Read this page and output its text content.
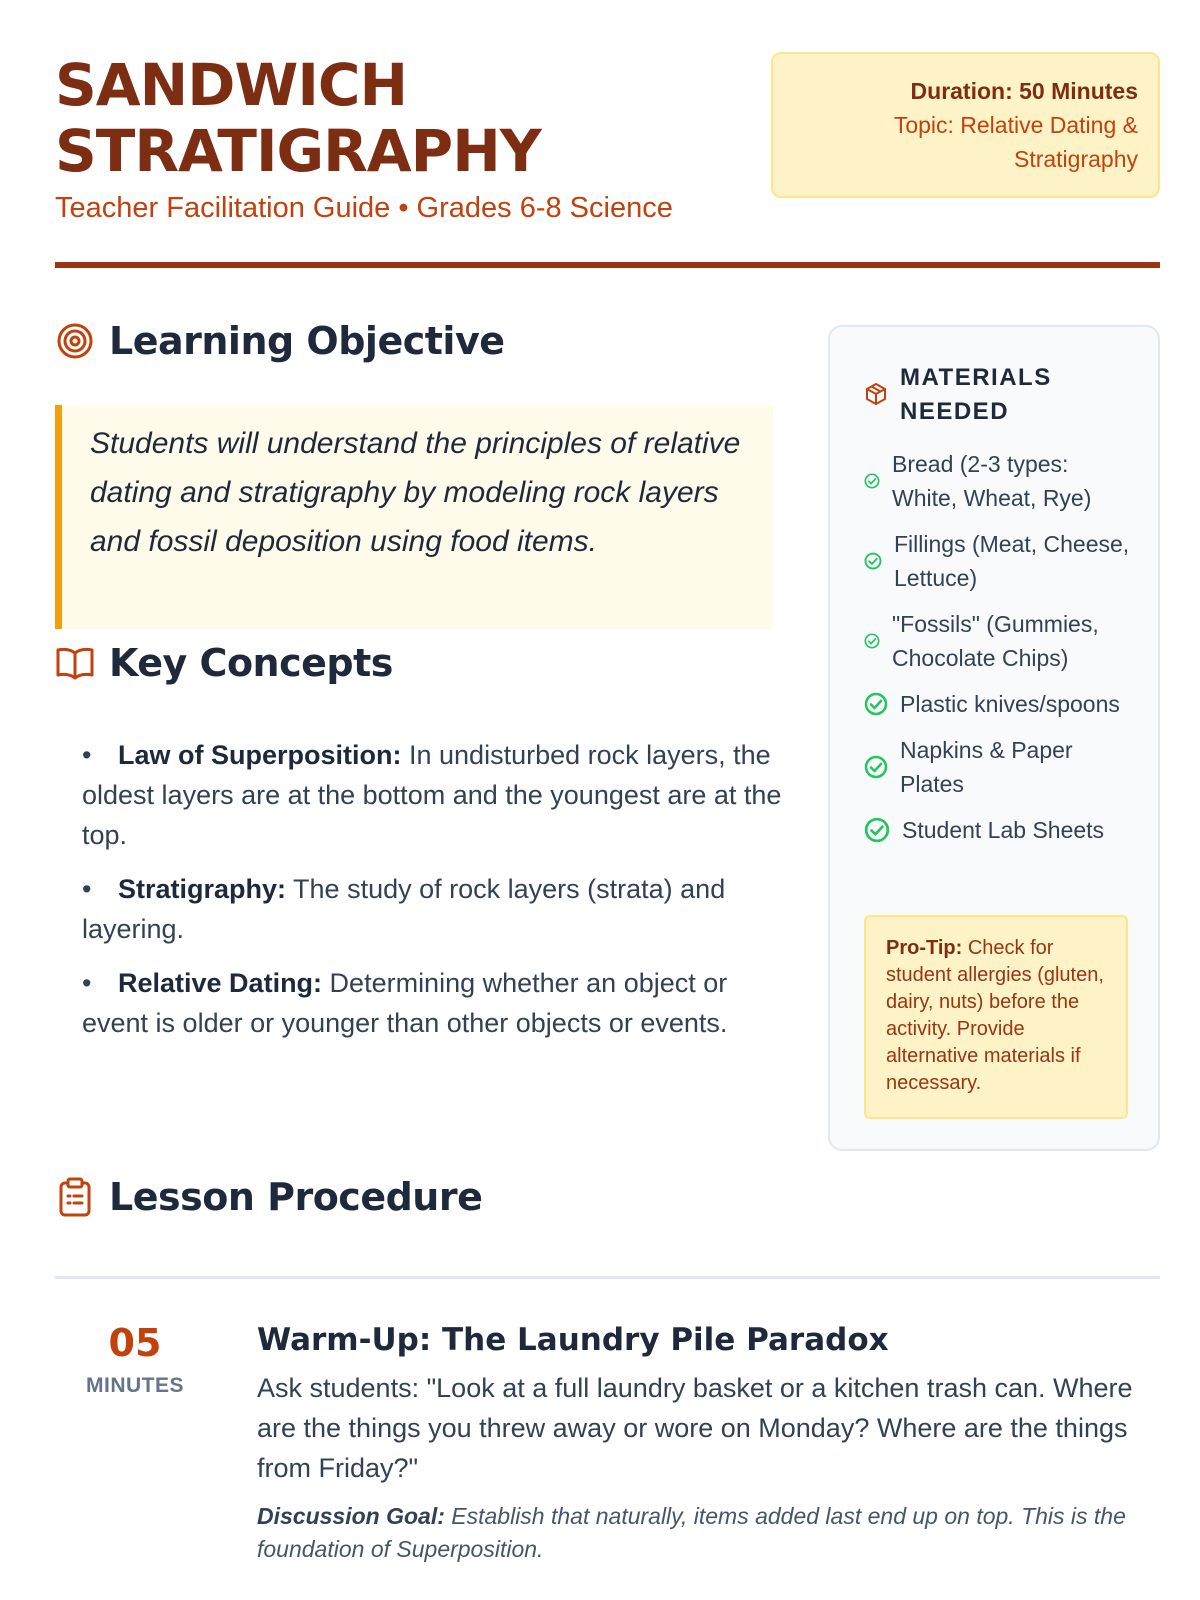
SANDWICH
STRATIGRAPHY
Teacher Facilitation Guide • Grades 6-8 Science
Duration: 50 Minutes
Topic: Relative Dating &
Stratigraphy
Learning Objective

Students will understand the principles of relative dating and stratigraphy by modeling rock layers and fossil deposition using food items.

Key Concepts
• Law of Superposition: In undisturbed rock layers, the oldest layers are at the bottom and the youngest are at the top.
• Stratigraphy: The study of rock layers (strata) and layering.
• Relative Dating: Determining whether an object or event is older or younger than other objects or events.
MATERIALS NEEDED
Bread (2-3 types: White, Wheat, Rye)
Fillings (Meat, Cheese, Lettuce)
"Fossils" (Gummies, Chocolate Chips)
Plastic knives/spoons
Napkins & Paper Plates
Student Lab Sheets

Pro-Tip: Check for student allergies (gluten, dairy, nuts) before the activity. Provide alternative materials if necessary.

Lesson Procedure
05
MINUTES
Warm-Up: The Laundry Pile Paradox
Ask students: "Look at a full laundry basket or a kitchen trash can. Where are the things you threw away or wore on Monday? Where are the things from Friday?"
Discussion Goal: Establish that naturally, items added last end up on top. This is the foundation of Superposition.
